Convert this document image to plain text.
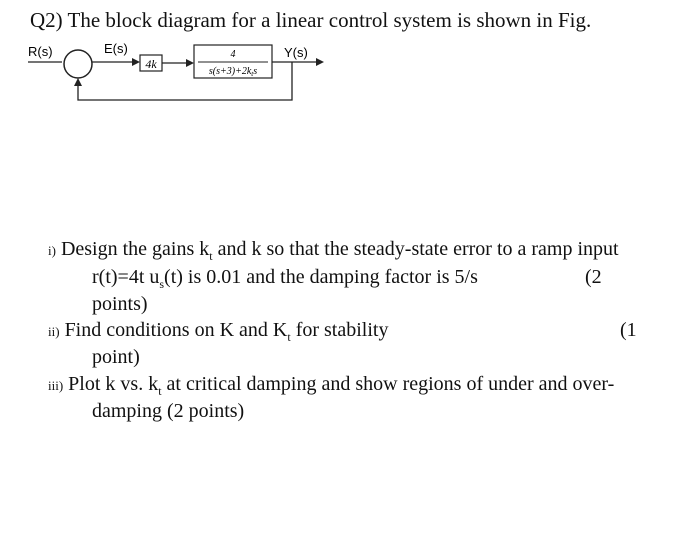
Q2) The block diagram for a linear control system is shown in Fig.
4k
4
$s(s+3)+2k_ts$
R(s)	E(s)	Y(s)
i) Design the gains $k_t$ and k so that the steady-state error to a ramp input
r(t)=4t $u_s(t)$ is 0.01 and the damping factor is 5/s	(2
points)
ii) Find conditions on K and $K_t$ for stability	(1
point)
iii) Plot k vs. $k_t$ at critical damping and show regions of under and over-
damping (2 points)
